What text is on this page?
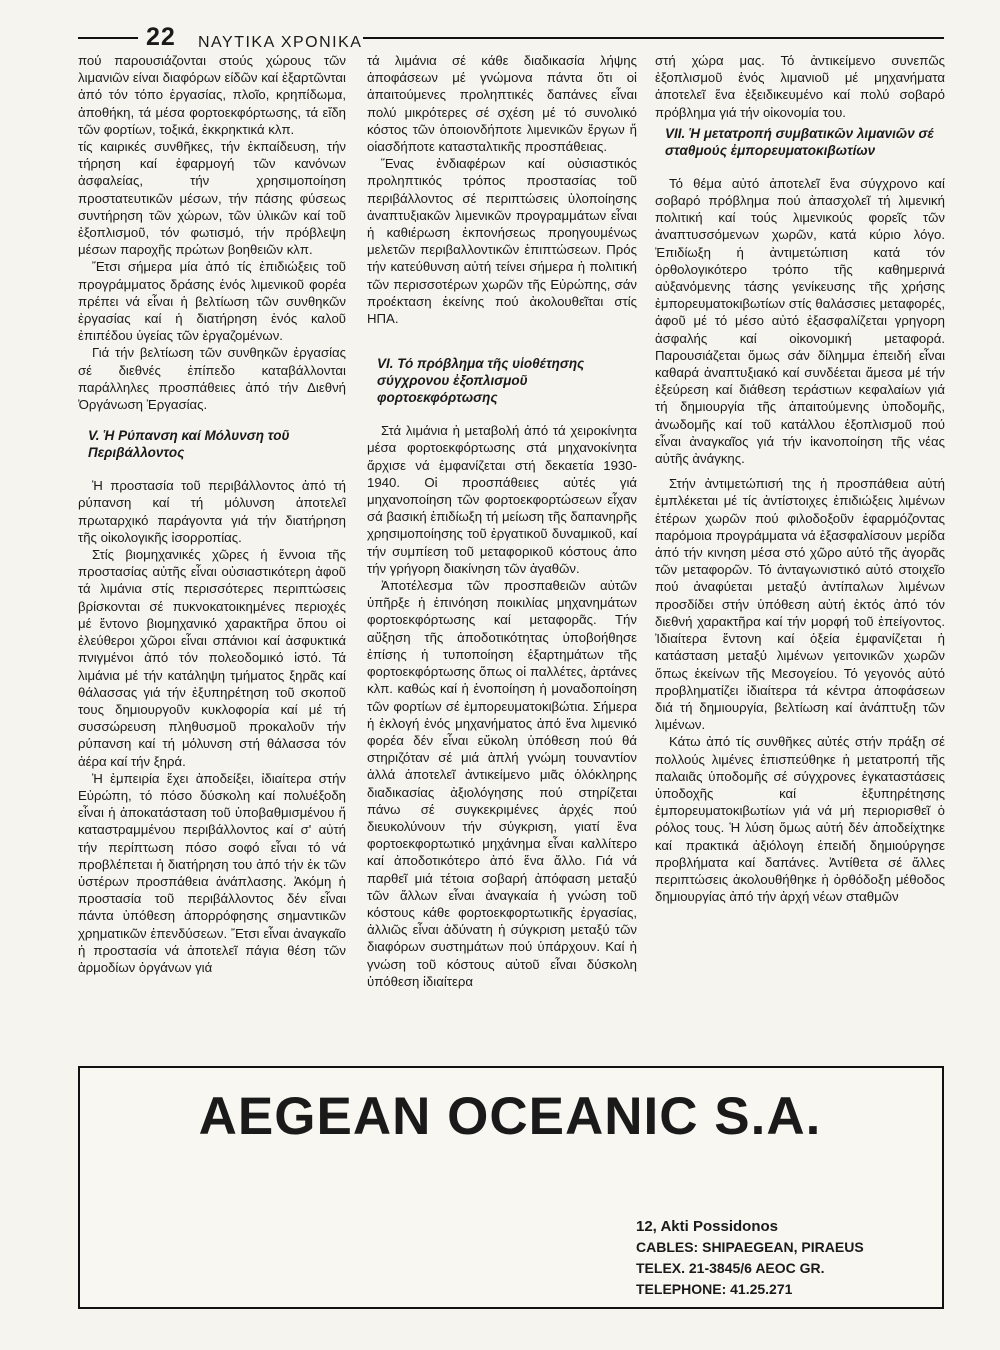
22 ΝΑΥΤΙΚΑ ΧΡΟΝΙΚΑ

πού παρουσιάζονται στούς χώρους τῶν λιμανιῶν είναι διαφόρων είδῶν καί ἐξαρτῶνται ἀπό τόν τόπο ἐργασίας, πλοῖο, κρηπίδωμα, ἀποθήκη, τά μέσα φορτοεκφόρτωσης, τά εἴδη τῶν φορτίων, τοξικά, ἐκκρηκτικά κλπ.

τίς καιρικές συνθῆκες, τήν ἐκπαίδευση, τήν τήρηση καί ἐφαρμογή τῶν κανόνων ἀσφαλείας, τήν χρησιμοποίηση προστατευτικῶν μέσων, τήν πάσης φύσεως συντήρηση τῶν χώρων, τῶν ὑλικῶν καί τοῦ ἐξοπλισμοῦ, τόν φωτισμό, τήν πρόβλεψη μέσων παροχῆς πρώτων βοηθειῶν κλπ.

Ἔτσι σήμερα μία ἀπό τίς ἐπιδιώξεις τοῦ προγράμματος δράσης ἑνός λιμενικοῦ φορέα πρέπει νά εἶναι ἡ βελτίωση τῶν συνθηκῶν ἐργασίας καί ἡ διατήρηση ἑνός καλοῦ ἐπιπέδου ὑγείας τῶν ἐργαζομένων.

Γιά τήν βελτίωση τῶν συνθηκῶν ἐργασίας σέ διεθνές ἐπίπεδο καταβάλλονται παράλληλες προσπάθειες ἀπό τήν Διεθνή Ὀργάνωση Ἐργασίας.

V. Ἡ Ρύπανση καί Μόλυνση τοῦ Περιβάλλοντος

Ἡ προστασία τοῦ περιβάλλοντος ἀπό τή ρύπανση καί τή μόλυνση ἀποτελεῖ πρωταρχικό παράγοντα γιά τήν διατήρηση τῆς οἰκολογικῆς ἰσορροπίας.

Στίς βιομηχανικές χῶρες ἡ ἔννοια τῆς προστασίας αὐτῆς εἶναι οὐσιαστικότερη ἀφοῦ τά λιμάνια στίς περισσότερες περιπτώσεις βρίσκονται σέ πυκνοκατοικημένες περιοχές μέ ἔντονο βιομηχανικό χαρακτῆρα ὅπου οἱ ἐλεύθεροι χῶροι εἶναι σπάνιοι καί ἀσφυκτικά πνιγμένοι ἀπό τόν πολεοδομικό ἱστό. Τά λιμάνια μέ τήν κατάληψη τμήματος ξηρᾶς καί θάλασσας γιά τήν ἐξυπηρέτηση τοῦ σκοποῦ τους δημιουργοῦν κυκλοφορία καί μέ τή συσσώρευση πληθυσμοῦ προκαλοῦν τήν ρύπανση καί τή μόλυνση στή θάλασσα τόν ἀέρα καί τήν ξηρά.

Ἡ ἐμπειρία ἔχει ἀποδείξει, ἰδιαίτερα στήν Εὐρώπη, τό πόσο δύσκολη καί πολυέξοδη εἶναι ἡ ἀποκατάσταση τοῦ ὑποβαθμισμένου ἤ καταστραμμένου περιβάλλοντος καί σ' αὐτή τήν περίπτωση πόσο σοφό εἶναι τό νά προβλέπεται ἡ διατήρηση του ἀπό τήν ἐκ τῶν ὑστέρων προσπάθεια ἀνάπλασης. Ἀκόμη ἡ προστασία τοῦ περιβάλλοντος δέν εἶναι πάντα ὑπόθεση ἀπορρόφησης σημαντικῶν χρηματικῶν ἐπενδύσεων. Ἔτσι εἶναι ἀναγκαῖο ἡ προστασία νά ἀποτελεῖ πάγια θέση τῶν ἁρμοδίων ὀργάνων γιά

τά λιμάνια σέ κάθε διαδικασία λήψης ἀποφάσεων μέ γνώμονα πάντα ὅτι οἱ ἀπαιτούμενες προληπτικές δαπάνες εἶναι πολύ μικρότερες σέ σχέση μέ τό συνολικό κόστος τῶν ὁποιονδήποτε λιμενικῶν ἔργων ἤ οἱασδήποτε κατασταλτικῆς προσπάθειας.

Ἕνας ἐνδιαφέρων καί οὐσιαστικός προληπτικός τρόπος προστασίας τοῦ περιβάλλοντος σέ περιπτώσεις ὑλοποίησης ἀναπτυξιακῶν λιμενικῶν προγραμμάτων εἶναι ἡ καθιέρωση ἐκπονήσεως προηγουμένως μελετῶν περιβαλλοντικῶν ἐπιπτώσεων. Πρός τήν κατεύθυνση αὐτή τείνει σήμερα ἡ πολιτική τῶν περισσοτέρων χωρῶν τῆς Εὐρώπης, σάν προέκταση ἐκείνης πού ἀκολουθεῖται στίς ΗΠΑ.

VI. Τό πρόβλημα τῆς υἱοθέτησης σύγχρονου ἐξοπλισμοῦ φορτοεκφόρτωσης

Στά λιμάνια ἡ μεταβολή ἀπό τά χειροκίνητα μέσα φορτοεκφόρτωσης στά μηχανοκίνητα ἄρχισε νά ἐμφανίζεται στή δεκαετία 1930-1940. Οἱ προσπάθειες αὐτές γιά μηχανοποίηση τῶν φορτοεκφορτώσεων εἶχαν σά βασική ἐπιδίωξη τή μείωση τῆς δαπανηρῆς χρησιμοποίησης τοῦ ἐργατικοῦ δυναμικοῦ, καί τήν συμπίεση τοῦ μεταφορικοῦ κόστους ἀπο τήν γρήγορη διακίνηση τῶν ἀγαθῶν.

Ἀποτέλεσμα τῶν προσπαθειῶν αὐτῶν ὑπῆρξε ἡ ἐπινόηση ποικιλίας μηχανημάτων φορτοεκφόρτωσης καί μεταφορᾶς. Τήν αὔξηση τῆς ἀποδοτικότητας ὑποβοήθησε ἐπίσης ἡ τυποποίηση ἐξαρτημάτων τῆς φορτοεκφόρτωσης ὅπως οἱ παλλέτες, ἀρτάνες κλπ. καθώς καί ἡ ἑνοποίηση ἡ μοναδοποίηση τῶν φορτίων σέ ἐμπορευματοκιβώτια. Σήμερα ἡ ἐκλογή ἑνός μηχανήματος ἀπό ἕνα λιμενικό φορέα δέν εἶναι εὔκολη ὑπόθεση πού θά στηριζόταν σέ μιά ἁπλή γνώμη τουναντίον ἀλλά ἀποτελεῖ ἀντικείμενο μιᾶς ὁλόκληρης διαδικασίας ἀξιολόγησης πού στηρίζεται πάνω σέ συγκεκριμένες ἀρχές πού διευκολύνουν τήν σύγκριση, γιατί ἕνα φορτοεκφορτωτικό μηχάνημα εἶναι καλλίτερο καί ἀποδοτικότερο ἀπό ἕνα ἄλλο. Γιά νά παρθεῖ μιά τέτοια σοβαρή ἀπόφαση μεταξύ τῶν ἄλλων εἶναι ἀναγκαία ἡ γνώση τοῦ κόστους κάθε φορτοεκφορτωτικῆς ἐργασίας, ἀλλιῶς εἶναι ἀδύνατη ἡ σύγκριση μεταξύ τῶν διαφόρων συστημάτων πού ὑπάρχουν. Καί ἡ γνώση τοῦ κόστους αὐτοῦ εἶναι δύσκολη ὑπόθεση ἰδιαίτερα

στή χώρα μας. Τό ἀντικείμενο συνεπῶς ἐξοπλισμοῦ ἑνός λιμανιοῦ μέ μηχανήματα ἀποτελεῖ ἕνα ἐξειδικευμένο καί πολύ σοβαρό πρόβλημα γιά τήν οἰκονομία του.

VII. Ἡ μετατροπή συμβατικῶν λιμανιῶν σέ σταθμούς ἐμπορευματοκιβωτίων

Τό θέμα αὐτό ἀποτελεῖ ἕνα σύγχρονο καί σοβαρό πρόβλημα πού ἀπασχολεῖ τή λιμενική πολιτική καί τούς λιμενικούς φορεῖς τῶν ἀναπτυσσόμενων χωρῶν, κατά κύριο λόγο. Ἐπιδίωξη ἡ ἀντιμετώπιση κατά τόν ὀρθολογικότερο τρόπο τῆς καθημερινά αὐξανόμενης τάσης γενίκευσης τῆς χρήσης ἐμπορευματοκιβωτίων στίς θαλάσσιες μεταφορές, ἀφοῦ μέ τό μέσο αὐτό ἐξασφαλίζεται γρηγορη ἀσφαλής καί οἰκονομική μεταφορά. Παρουσιάζεται ὅμως σάν δίλημμα ἐπειδή εἶναι καθαρά ἀναπτυξιακό καί συνδέεται ἄμεσα μέ τήν ἐξεύρεση καί διάθεση τεράστιων κεφαλαίων γιά τή δημιουργία τῆς ἀπαιτούμενης ὑποδομῆς, ἀνωδομῆς καί τοῦ κατάλλου ἐξοπλισμοῦ πού εἶναι ἀναγκαῖος γιά τήν ἱκανοποίηση τῆς νέας αὐτῆς ἀνάγκης.

Στήν ἀντιμετώπισή της ἡ προσπάθεια αὐτή ἐμπλέκεται μέ τίς ἀντίστοιχες ἐπιδιώξεις λιμένων ἑτέρων χωρῶν πού φιλοδοξοῦν ἐφαρμόζοντας παρόμοια προγράμματα νά ἐξασφαλίσουν μερίδα ἀπό τήν κινηση μέσα στό χῶρο αὐτό τῆς ἀγορᾶς τῶν μεταφορῶν. Τό ἀνταγωνιστικό αὐτό στοιχεῖο πού ἀναφύεται μεταξύ ἀντίπαλων λιμένων προσδίδει στήν ὑπόθεση αὐτή ἐκτός ἀπό τόν διεθνή χαρακτῆρα καί τήν μορφή τοῦ ἐπείγοντος. Ἰδιαίτερα ἔντονη καί ὀξεία ἐμφανίζεται ἡ κατάσταση μεταξύ λιμένων γειτονικῶν χωρῶν ὅπως ἐκείνων τῆς Μεσογείου. Τό γεγονός αὐτό προβληματίζει ἰδιαίτερα τά κέντρα ἀποφάσεων διά τή δημιουργία, βελτίωση καί ἀνάπτυξη τῶν λιμένων.

Κάτω ἀπό τίς συνθῆκες αὐτές στήν πράξη σέ πολλούς λιμένες ἐπισπεύθηκε ἡ μετατροπή τῆς παλαιᾶς ὑποδομῆς σέ σύγχρονες ἐγκαταστάσεις ὑποδοχῆς καί ἐξυπηρέτησης ἐμπορευματοκιβωτίων γιά νά μή περιορισθεῖ ὁ ρόλος τους. Ἡ λύση ὅμως αὐτή δέν ἀποδείχτηκε καί πρακτικά ἀξιόλογη ἐπειδή δημιούργησε προβλήματα καί δαπάνες. Ἀντίθετα σέ ἄλλες περιπτώσεις ἀκολουθήθηκε ἡ ὀρθόδοξη μέθοδος δημιουργίας ἀπό τήν ἀρχή νέων σταθμῶν

AEGEAN OCEANIC S.A.
12, Akti Possidonos
CABLES: SHIPAEGEAN, PIRAEUS
TELEX. 21-3845/6 AEOC GR.
TELEPHONE: 41.25.271
